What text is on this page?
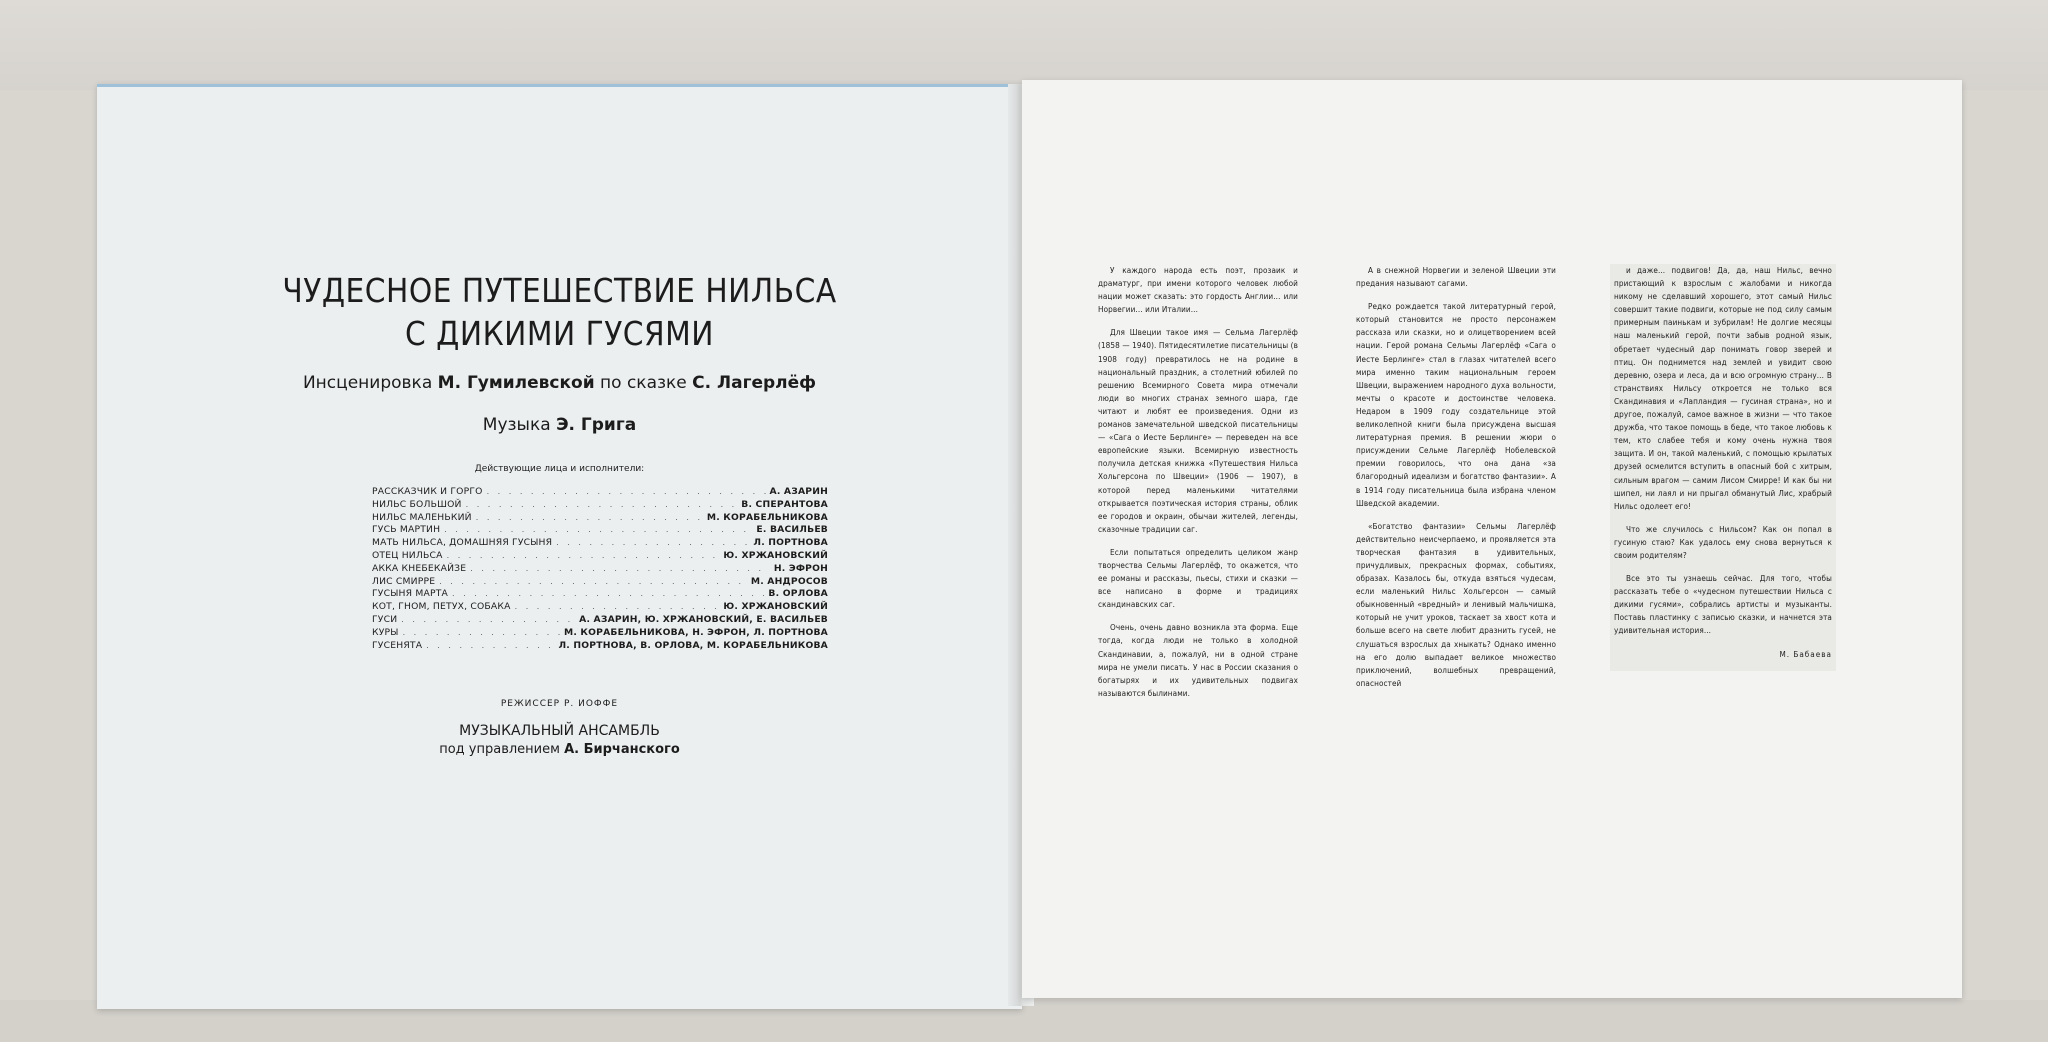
ЧУДЕСНОЕ ПУТЕШЕСТВИЕ НИЛЬСА
С ДИКИМИ ГУСЯМИ
Инсценировка М. Гумилевской по сказке С. Лагерлёф
Музыка Э. Грига
Действующие лица и исполнители:
РАССКАЗЧИК И ГОРГО . . .	А. АЗАРИН
НИЛЬС БОЛЬШОЙ . . .	В. СПЕРАНТОВА
НИЛЬС МАЛЕНЬКИЙ . . .	М. КОРАБЕЛЬНИКОВА
ГУСЬ МАРТИН . . .	Е. ВАСИЛЬЕВ
МАТЬ НИЛЬСА, ДОМАШНЯЯ ГУСЫНЯ . . .	Л. ПОРТНОВА
ОТЕЦ НИЛЬСА . . .	Ю. ХРЖАНОВСКИЙ
АККА КНЕБЕКАЙЗЕ . . .	Н. ЭФРОН
ЛИС СМИРРЕ . . .	М. АНДРОСОВ
ГУСЫНЯ МАРТА . . .	В. ОРЛОВА
КОТ, ГНОМ, ПЕТУХ, СОБАКА . . .	Ю. ХРЖАНОВСКИЙ
ГУСИ . . .	А. АЗАРИН, Ю. ХРЖАНОВСКИЙ, Е. ВАСИЛЬЕВ
КУРЫ . . .	М. КОРАБЕЛЬНИКОВА, Н. ЭФРОН, Л. ПОРТНОВА
ГУСЕНЯТА . . .	Л. ПОРТНОВА, В. ОРЛОВА, М. КОРАБЕЛЬНИКОВА
РЕЖИССЕР Р. ИОФФЕ
МУЗЫКАЛЬНЫЙ АНСАМБЛЬ
под управлением А. Бирчанского

У каждого народа есть поэт, прозаик и драматург, при имени которого человек любой нации может сказать: это гордость Англии... или Норвегии... или Италии...

Для Швеции такое имя — Сельма Лагерлёф (1858 — 1940). Пятидесятилетие писательницы (в 1908 году) превратилось не на родине в национальный праздник, а столетний юбилей по решению Всемирного Совета мира отмечали люди во многих странах земного шара, где читают и любят ее произведения. Одни из романов замечательной шведской писательницы — «Сага о Иесте Берлинге» — переведен на все европейские языки. Всемирную известность получила детская книжка «Путешествия Нильса Хольгерсона по Швеции» (1906 — 1907), в которой перед маленькими читателями открывается поэтическая история страны, облик ее городов и окраин, обычаи жителей, легенды, сказочные традиции саг.

Если попытаться определить целиком жанр творчества Сельмы Лагерлёф, то окажется, что ее романы и рассказы, пьесы, стихи и сказки — все написано в форме и традициях скандинавских саг.

Очень, очень давно возникла эта форма. Еще тогда, когда люди не только в холодной Скандинавии, а, пожалуй, ни в одной стране мира не умели писать. У нас в России сказания о богатырях и их удивительных подвигах называются былинами.

А в снежной Норвегии и зеленой Швеции эти предания называют сагами.

Редко рождается такой литературный герой, который становится не просто персонажем рассказа или сказки, но и олицетворением всей нации. Герой романа Сельмы Лагерлёф «Сага о Иесте Берлинге» стал в глазах читателей всего мира именно таким национальным героем Швеции, выражением народного духа вольности, мечты о красоте и достоинстве человека. Недаром в 1909 году создательнице этой великолепной книги была присуждена высшая литературная премия. В решении жюри о присуждении Сельме Лагерлёф Нобелевской премии говорилось, что она дана «за благородный идеализм и богатство фантазии». А в 1914 году писательница была избрана членом Шведской академии.

«Богатство фантазии» Сельмы Лагерлёф действительно неисчерпаемо, и проявляется эта творческая фантазия в удивительных, причудливых, прекрасных формах, событиях, образах. Казалось бы, откуда взяться чудесам, если маленький Нильс Хольгерсон — самый обыкновенный «вредный» и ленивый мальчишка, который не учит уроков, таскает за хвост кота и больше всего на свете любит дразнить гусей, не слушаться взрослых да хныкать? Однако именно на его долю выпадает великое множество приключений, волшебных превращений, опасностей

и даже... подвигов! Да, да, наш Нильс, вечно пристающий к взрослым с жалобами и никогда никому не сделавший хорошего, этот самый Нильс совершит такие подвиги, которые не под силу самым примерным паинькам и зубрилам! Не долгие месяцы наш маленький герой, почти забыв родной язык, обретает чудесный дар понимать говор зверей и птиц. Он поднимется над землей и увидит свою деревню, озера и леса, да и всю огромную страну... В странствиях Нильсу откроется не только вся Скандинавия и «Лапландия — гусиная страна», но и другое, пожалуй, самое важное в жизни — что такое дружба, что такое помощь в беде, что такое любовь к тем, кто слабее тебя и кому очень нужна твоя защита. И он, такой маленький, с помощью крылатых друзей осмелится вступить в опасный бой с хитрым, сильным врагом — самим Лисом Смирре! И как бы ни шипел, ни лаял и ни прыгал обманутый Лис, храбрый Нильс одолеет его!

Что же случилось с Нильсом? Как он попал в гусиную стаю? Как удалось ему снова вернуться к своим родителям?

Все это ты узнаешь сейчас. Для того, чтобы рассказать тебе о «чудесном путешествии Нильса с дикими гусями», собрались артисты и музыканты. Поставь пластинку с записью сказки, и начнется эта удивительная история...

М. Бабаева
